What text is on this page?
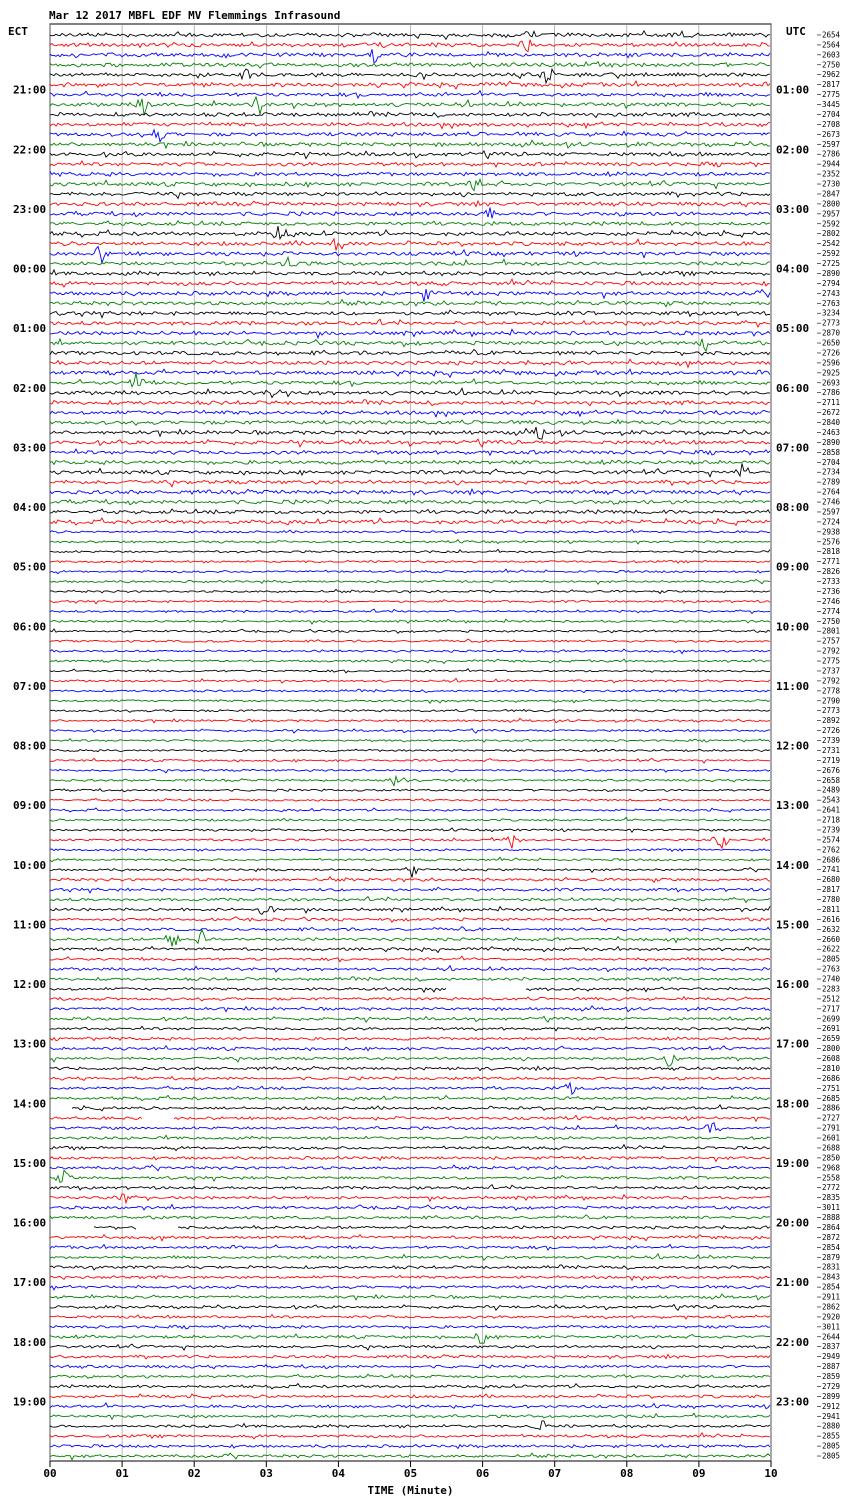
Mar 12 2017 MBFL EDF MV Flemmings Infrasound
ECT	UTC 2654
2564
2603
2750
2962
2817
2775
3445
2704
2708
2673
2597
2786
2944
2352
2730
2847
2800
2957
2592
2802
2542
2592
2725
2890
2794
2743
2763
3234
2773
2870
2650
2726
2596
2925
2693
2786
2711
2672
2840
2463
2890
2858
2704
2734
2789
2764
2746
2597
2724
2938
2576
2818
2771
2826
2733
2736
2746
2774
2750
2801
2757
2792
2775
2737
2792
2778
2790
2773
2892
2726
2739
2731
2719
2676
2658
2489
2543
2641
2718
2739
2574
2762
2686
2741
2680
2817
2780
2811
2616
2632
2660
2622
2805
2763
2740
2283
2512
2717
2699
2691
2659
2800
2608
2810
2686
2751
2685
2886
2727
2791
2601
2688
2850
2968
2558
2772
2835
3011
2888
2864
2872
2854
2879
2831
2843
2854
2911
2862
2920
3011
2644
2837
2949
2887
2859
2729
2899
2912
2941
2880
2855
2805
2805
21:00
22:00
23:00
00:00
01:00
02:00
03:00
04:00
05:00
06:00
07:00
08:00
09:00
10:00
11:00
12:00
13:00
14:00
15:00
16:00
17:00
18:00
19:00
01:00
02:00
03:00
04:00
05:00
06:00
07:00
08:00
09:00
10:00
11:00
12:00
13:00
14:00
15:00
16:00
17:00
18:00
19:00
20:00
21:00
22:00
23:00
00	01	02	03	04	05	06	07	08	09	10
TIME (Minute)
